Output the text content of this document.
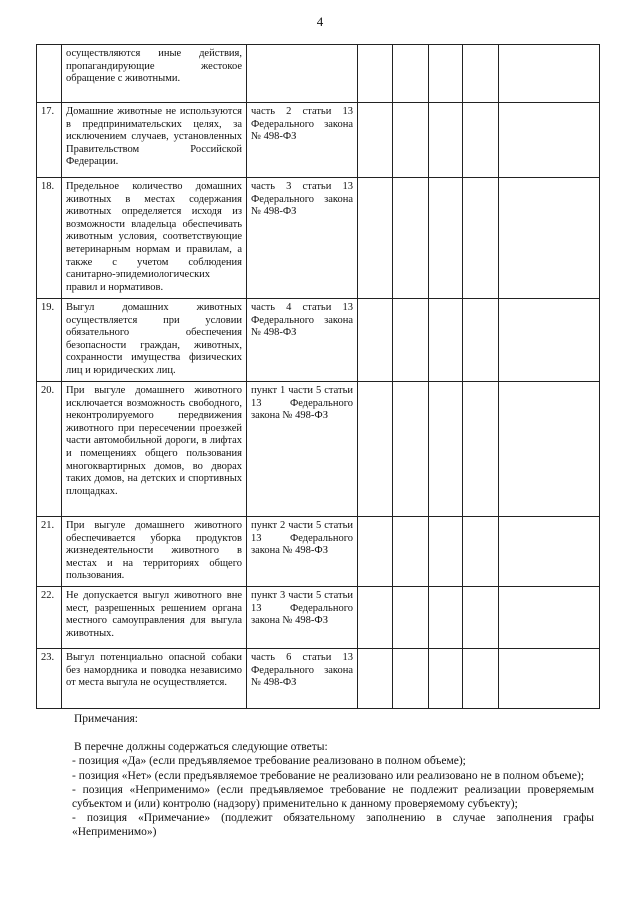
4
	осуществляются иные действия, пропагандирующие жестокое обращение с животными.						
17.	Домашние животные не используются в предпринимательских целях, за исключением случаев, установленных Правительством Российской Федерации.	часть 2 статьи 13 Федерального закона № 498-ФЗ					
18.	Предельное количество домашних животных в местах содержания животных определяется исходя из возможности владельца обеспечивать животным условия, соответствующие ветеринарным нормам и правилам, а также с учетом соблюдения санитарно-эпидемиологических правил и нормативов.	часть 3 статьи 13 Федерального закона № 498-ФЗ					
19.	Выгул домашних животных осуществляется при условии обязательного обеспечения безопасности граждан, животных, сохранности имущества физических лиц и юридических лиц.	часть 4 статьи 13 Федерального закона № 498-ФЗ					
20.	При выгуле домашнего животного исключается возможность свободного, неконтролируемого передвижения животного при пересечении проезжей части автомобильной дороги, в лифтах и помещениях общего пользования многоквартирных домов, во дворах таких домов, на детских и спортивных площадках.	пункт 1 части 5 статьи 13 Федерального закона № 498-ФЗ					
21.	При выгуле домашнего животного обеспечивается уборка продуктов жизнедеятельности животного в местах и на территориях общего пользования.	пункт 2 части 5 статьи 13 Федерального закона № 498-ФЗ					
22.	Не допускается выгул животного вне мест, разрешенных решением органа местного самоуправления для выгула животных.	пункт 3 части 5 статьи 13 Федерального закона № 498-ФЗ					
23.	Выгул потенциально опасной собаки без намордника и поводка независимо от места выгула не осуществляется.	часть 6 статьи 13 Федерального закона № 498-ФЗ					
Примечания:

В перечне должны содержаться следующие ответы:

- позиция «Да» (если предъявляемое требование реализовано в полном объеме);

- позиция «Нет» (если предъявляемое требование не реализовано или реализовано не в полном объеме);

- позиция «Неприменимо» (если предъявляемое требование не подлежит реализации проверяемым субъектом и (или) контролю (надзору) применительно к данному проверяемому субъекту);

- позиция «Примечание» (подлежит обязательному заполнению в случае заполнения графы «Неприменимо»)
